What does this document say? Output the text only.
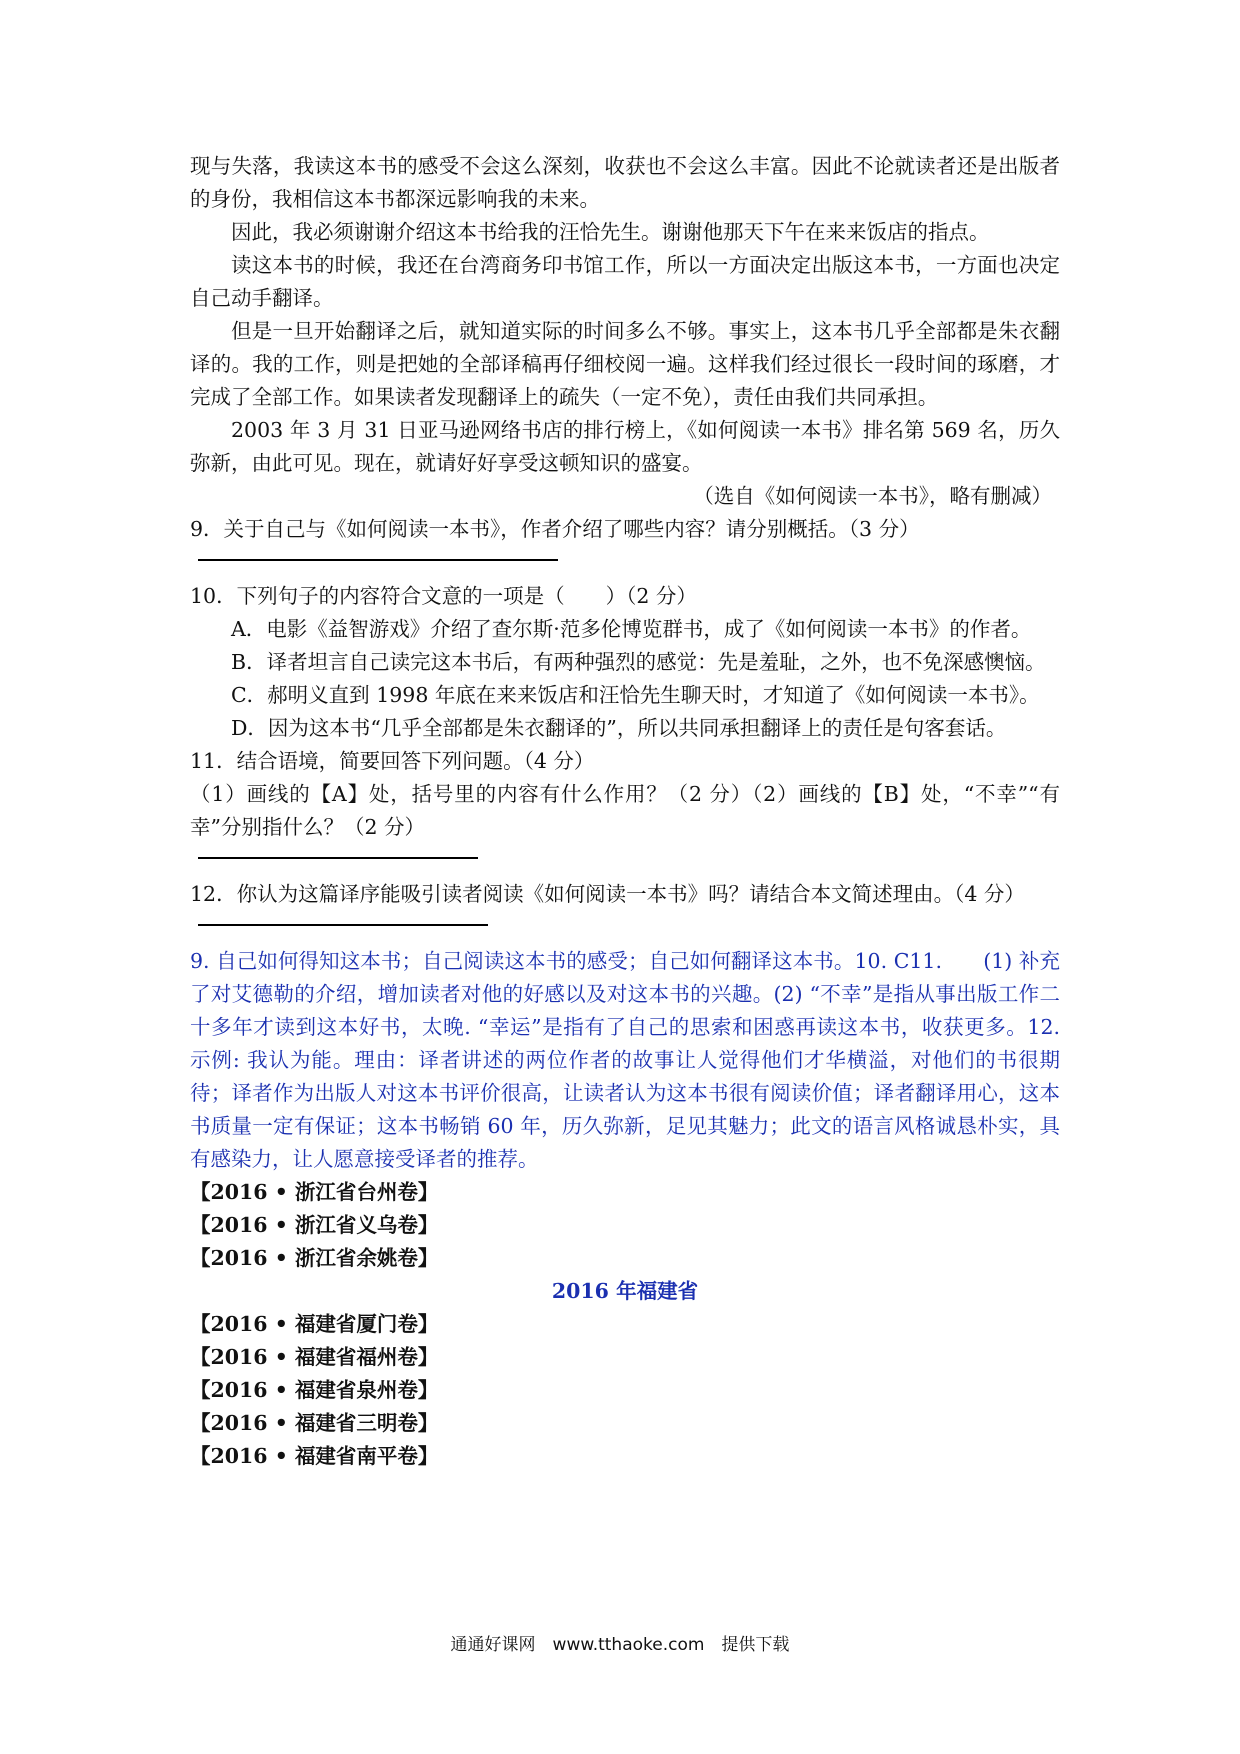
现与失落，我读这本书的感受不会这么深刻，收获也不会这么丰富。因此不论就读者还是出版者的身份，我相信这本书都深远影响我的未来。

因此，我必须谢谢介绍这本书给我的汪恰先生。谢谢他那天下午在来来饭店的指点。

读这本书的时候，我还在台湾商务印书馆工作，所以一方面决定出版这本书，一方面也决定自己动手翻译。

但是一旦开始翻译之后，就知道实际的时间多么不够。事实上，这本书几乎全部都是朱衣翻译的。我的工作，则是把她的全部译稿再仔细校阅一遍。这样我们经过很长一段时间的琢磨，才完成了全部工作。如果读者发现翻译上的疏失（一定不免），责任由我们共同承担。

2003 年 3 月 31 日亚马逊网络书店的排行榜上，《如何阅读一本书》排名第 569 名，历久弥新，由此可见。现在，就请好好享受这顿知识的盛宴。

（选自《如何阅读一本书》，略有删减）

9．关于自己与《如何阅读一本书》，作者介绍了哪些内容？请分别概括。（3 分）

10．下列句子的内容符合文意的一项是（　　）（2 分）

A．电影《益智游戏》介绍了查尔斯·范多伦博览群书，成了《如何阅读一本书》的作者。

B．译者坦言自己读完这本书后，有两种强烈的感觉：先是羞耻，之外，也不免深感懊恼。

C．郝明义直到 1998 年底在来来饭店和汪恰先生聊天时，才知道了《如何阅读一本书》。

D．因为这本书“几乎全部都是朱衣翻译的”，所以共同承担翻译上的责任是句客套话。

11．结合语境，简要回答下列问题。（4 分）

（1）画线的【A】处，括号里的内容有什么作用？（2 分）（2）画线的【B】处，“不幸”“有幸”分别指什么？（2 分）

12．你认为这篇译序能吸引读者阅读《如何阅读一本书》吗？请结合本文简述理由。（4 分）

9. 自己如何得知这本书；自己阅读这本书的感受；自己如何翻译这本书。10. C11.　　(1) 补充了对艾德勒的介绍，增加读者对他的好感以及对这本书的兴趣。(2) “不幸”是指从事出版工作二十多年才读到这本好书，太晚. “幸运”是指有了自己的思索和困惑再读这本书，收获更多。12.　　示例: 我认为能。理由：译者讲述的两位作者的故事让人觉得他们才华横溢，对他们的书很期待；译者作为出版人对这本书评价很高，让读者认为这本书很有阅读价值；译者翻译用心，这本书质量一定有保证；这本书畅销 60 年，历久弥新，足见其魅力；此文的语言风格诚恳朴实，具有感染力，让人愿意接受译者的推荐。

【2016 • 浙江省台州卷】

【2016 • 浙江省义乌卷】

【2016 • 浙江省余姚卷】

2016 年福建省

【2016 • 福建省厦门卷】

【2016 • 福建省福州卷】

【2016 • 福建省泉州卷】

【2016 • 福建省三明卷】

【2016 • 福建省南平卷】

通通好课网　www.tthaoke.com　提供下载
